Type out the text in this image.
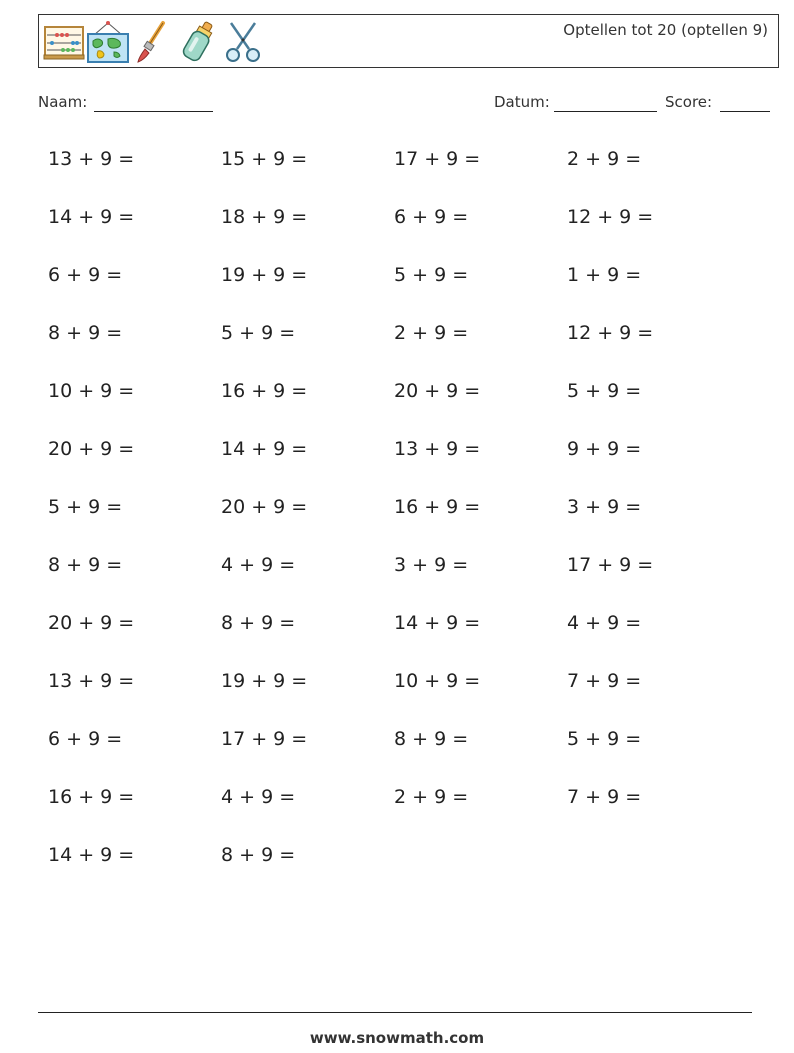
Optellen tot 20 (optellen 9)
Naam:	Datum:	Score:
13 + 9 =	15 + 9 =	17 + 9 =	2 + 9 =
14 + 9 =	18 + 9 =	6 + 9 =	12 + 9 =
6 + 9 =	19 + 9 =	5 + 9 =	1 + 9 =
8 + 9 =	5 + 9 =	2 + 9 =	12 + 9 =
10 + 9 =	16 + 9 =	20 + 9 =	5 + 9 =
20 + 9 =	14 + 9 =	13 + 9 =	9 + 9 =
5 + 9 =	20 + 9 =	16 + 9 =	3 + 9 =
8 + 9 =	4 + 9 =	3 + 9 =	17 + 9 =
20 + 9 =	8 + 9 =	14 + 9 =	4 + 9 =
13 + 9 =	19 + 9 =	10 + 9 =	7 + 9 =
6 + 9 =	17 + 9 =	8 + 9 =	5 + 9 =
16 + 9 =	4 + 9 =	2 + 9 =	7 + 9 =
14 + 9 =	8 + 9 =
www.snowmath.com
